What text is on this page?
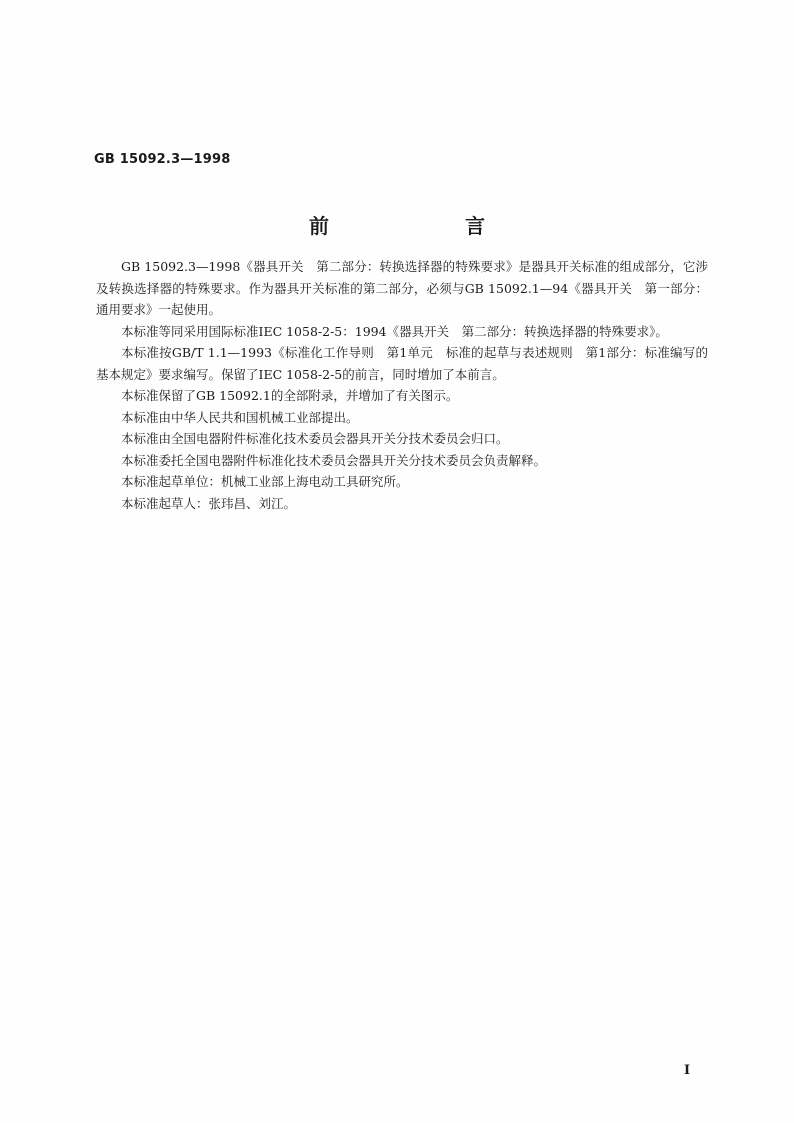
GB 15092.3—1998
前　言

GB 15092.3—1998《器具开关　第二部分：转换选择器的特殊要求》是器具开关标准的组成部分，它涉及转换选择器的特殊要求。作为器具开关标准的第二部分，必须与GB 15092.1—94《器具开关　第一部分：通用要求》一起使用。

本标准等同采用国际标准IEC 1058-2-5：1994《器具开关　第二部分：转换选择器的特殊要求》。

本标准按GB/T 1.1—1993《标准化工作导则　第1单元　标准的起草与表述规则　第1部分：标准编写的基本规定》要求编写。保留了IEC 1058-2-5的前言，同时增加了本前言。

本标准保留了GB 15092.1的全部附录，并增加了有关图示。

本标准由中华人民共和国机械工业部提出。

本标准由全国电器附件标准化技术委员会器具开关分技术委员会归口。

本标准委托全国电器附件标准化技术委员会器具开关分技术委员会负责解释。

本标准起草单位：机械工业部上海电动工具研究所。

本标准起草人：张玮昌、刘江。

Ⅰ
